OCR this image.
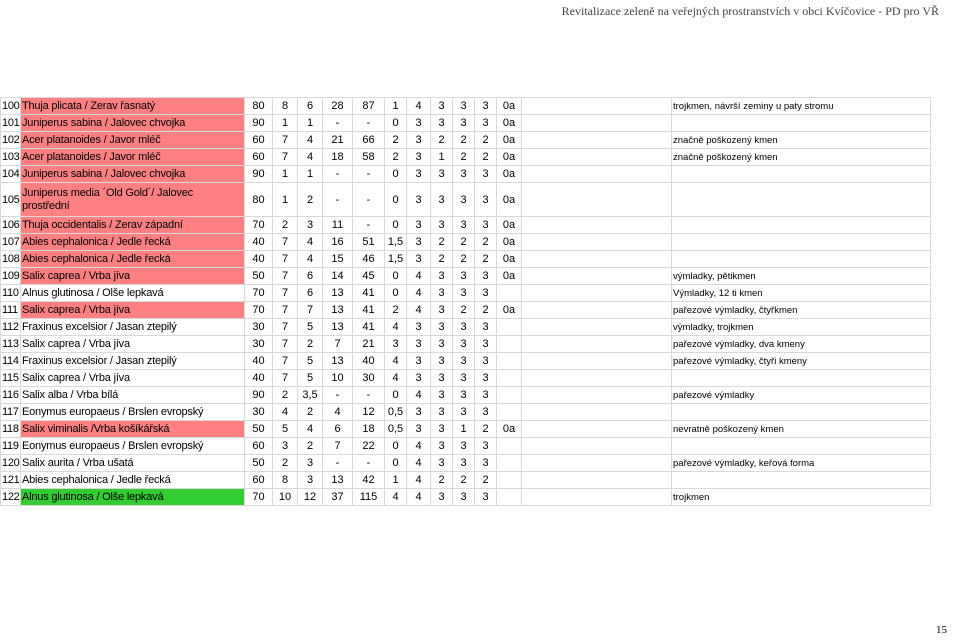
Revitalizace zeleně na veřejných prostranstvích v obci Kvíčovice - PD pro VŘ
100	Thuja plicata / Zerav řasnatý	80	8	6	28	87	1	4	3	3	3	0a		trojkmen, návrší zeminy u paty stromu
101	Juniperus sabina / Jalovec chvojka	90	1	1	-	-	0	3	3	3	3	0a		
102	Acer platanoides / Javor mléč	60	7	4	21	66	2	3	2	2	2	0a		značně poškozený kmen
103	Acer platanoides / Javor mléč	60	7	4	18	58	2	3	1	2	2	0a		značně poškozený kmen
104	Juniperus sabina / Jalovec chvojka	90	1	1	-	-	0	3	3	3	3	0a		
105	Juniperus media ´Old Gold´/ Jalovec prostřední	80	1	2	-	-	0	3	3	3	3	0a		
106	Thuja occidentalis / Zerav západní	70	2	3	11	-	0	3	3	3	3	0a		
107	Abies cephalonica / Jedle řecká	40	7	4	16	51	1,5	3	2	2	2	0a		
108	Abies cephalonica / Jedle řecká	40	7	4	15	46	1,5	3	2	2	2	0a		
109	Salix caprea / Vrba jíva	50	7	6	14	45	0	4	3	3	3	0a		výmladky, pětikmen
110	Alnus glutinosa / Olše lepkavá	70	7	6	13	41	0	4	3	3	3			Výmladky, 12 ti kmen
111	Salix caprea / Vrba jíva	70	7	7	13	41	2	4	3	2	2	0a		pařezové výmladky, čtyřkmen
112	Fraxinus excelsior / Jasan ztepilý	30	7	5	13	41	4	3	3	3	3			výmladky, trojkmen
113	Salix caprea / Vrba jíva	30	7	2	7	21	3	3	3	3	3			pařezové výmladky, dva kmeny
114	Fraxinus excelsior / Jasan ztepilý	40	7	5	13	40	4	3	3	3	3			pařezové výmladky, čtyři kmeny
115	Salix caprea / Vrba jíva	40	7	5	10	30	4	3	3	3	3			
116	Salix alba / Vrba bílá	90	2	3,5	-	-	0	4	3	3	3			pařezové výmladky
117	Eonymus europaeus / Brslen evropský	30	4	2	4	12	0,5	3	3	3	3			
118	Salix viminalis /Vrba košíkářská	50	5	4	6	18	0,5	3	3	1	2	0a		nevratně poškozený kmen
119	Eonymus europaeus / Brslen evropský	60	3	2	7	22	0	4	3	3	3			
120	Salix aurita / Vrba ušatá	50	2	3	-	-	0	4	3	3	3			pařezové výmladky, keřová forma
121	Abies cephalonica / Jedle řecká	60	8	3	13	42	1	4	2	2	2			
122	Alnus glutinosa / Olše lepkavá	70	10	12	37	115	4	4	3	3	3			trojkmen
15
